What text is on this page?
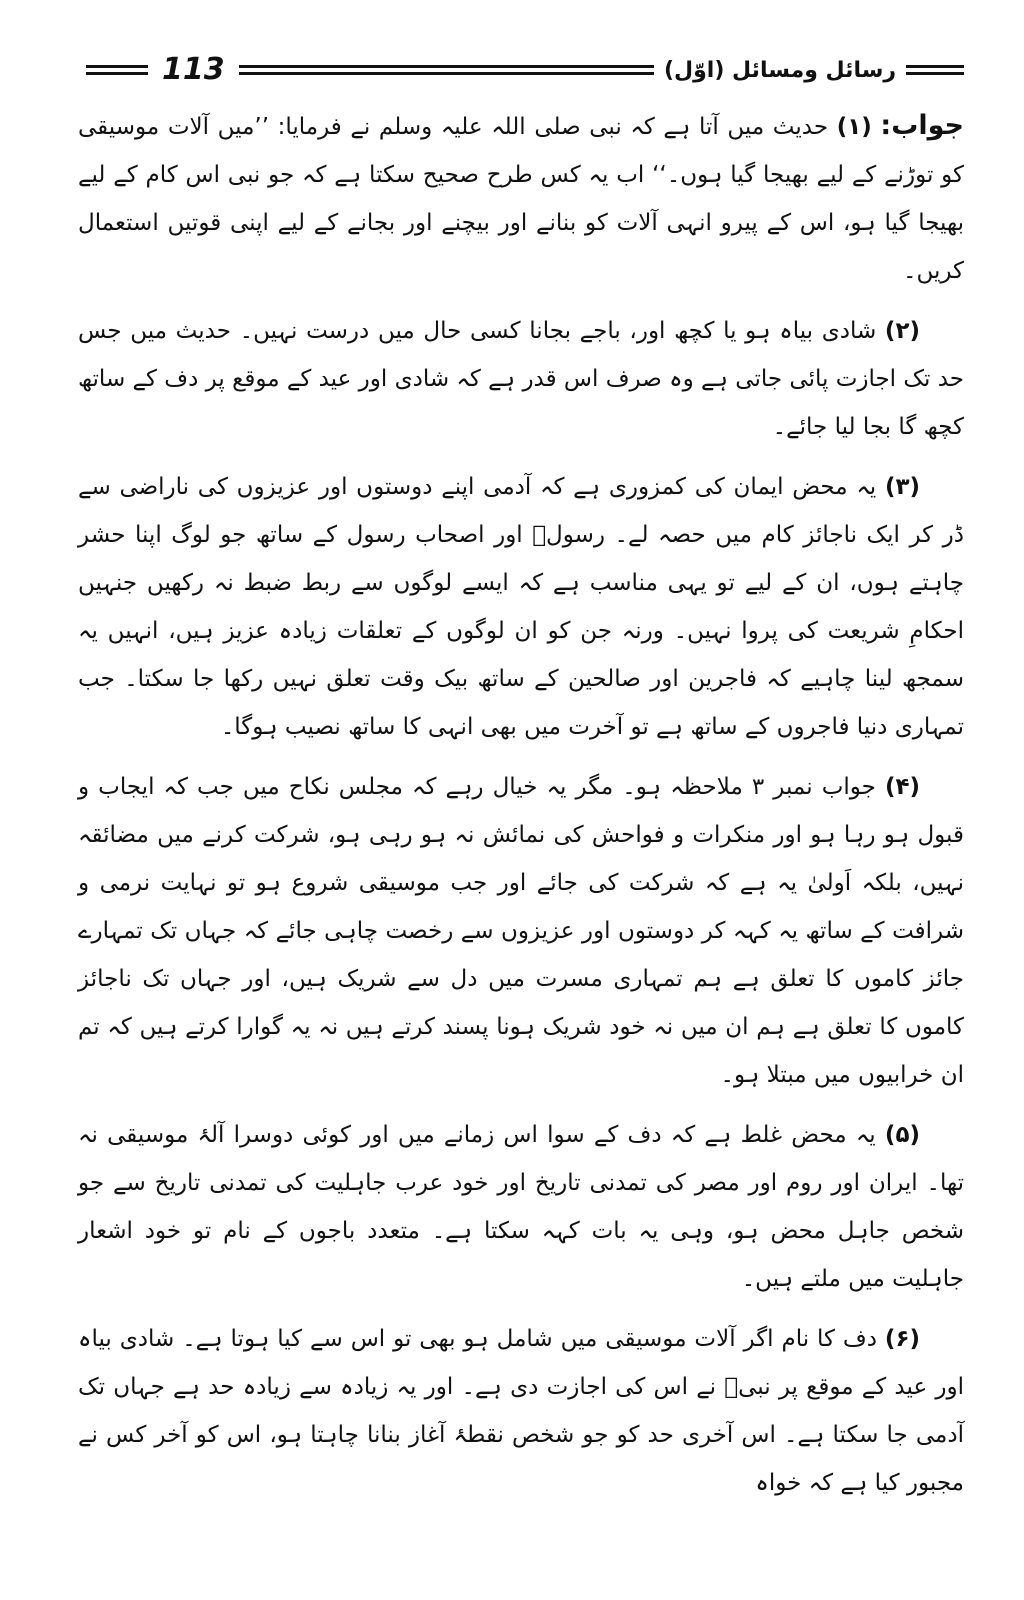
113	رسائل ومسائل (اوّل)

جواب: (۱) حدیث میں آتا ہے کہ نبی صلی اللہ علیہ وسلم نے فرمایا: ’’میں آلات موسیقی کو توڑنے کے لیے بھیجا گیا ہوں۔‘‘ اب یہ کس طرح صحیح سکتا ہے کہ جو نبی اس کام کے لیے بھیجا گیا ہو، اس کے پیرو انہی آلات کو بنانے اور بیچنے اور بجانے کے لیے اپنی قوتیں استعمال کریں۔

(۲) شادی بیاہ ہو یا کچھ اور، باجے بجانا کسی حال میں درست نہیں۔ حدیث میں جس حد تک اجازت پائی جاتی ہے وہ صرف اس قدر ہے کہ شادی اور عید کے موقع پر دف کے ساتھ کچھ گا بجا لیا جائے۔

(۳) یہ محض ایمان کی کمزوری ہے کہ آدمی اپنے دوستوں اور عزیزوں کی ناراضی سے ڈر کر ایک ناجائز کام میں حصہ لے۔ رسولؐ اور اصحاب رسول کے ساتھ جو لوگ اپنا حشر چاہتے ہوں، ان کے لیے تو یہی مناسب ہے کہ ایسے لوگوں سے ربط ضبط نہ رکھیں جنہیں احکامِ شریعت کی پروا نہیں۔ ورنہ جن کو ان لوگوں کے تعلقات زیادہ عزیز ہیں، انہیں یہ سمجھ لینا چاہیے کہ فاجرین اور صالحین کے ساتھ بیک وقت تعلق نہیں رکھا جا سکتا۔ جب تمہاری دنیا فاجروں کے ساتھ ہے تو آخرت میں بھی انہی کا ساتھ نصیب ہوگا۔

(۴) جواب نمبر ۳ ملاحظہ ہو۔ مگر یہ خیال رہے کہ مجلس نکاح میں جب کہ ایجاب و قبول ہو رہا ہو اور منکرات و فواحش کی نمائش نہ ہو رہی ہو، شرکت کرنے میں مضائقہ نہیں، بلکہ اَولیٰ یہ ہے کہ شرکت کی جائے اور جب موسیقی شروع ہو تو نہایت نرمی و شرافت کے ساتھ یہ کہہ کر دوستوں اور عزیزوں سے رخصت چاہی جائے کہ جہاں تک تمہارے جائز کاموں کا تعلق ہے ہم تمہاری مسرت میں دل سے شریک ہیں، اور جہاں تک ناجائز کاموں کا تعلق ہے ہم ان میں نہ خود شریک ہونا پسند کرتے ہیں نہ یہ گوارا کرتے ہیں کہ تم ان خرابیوں میں مبتلا ہو۔

(۵) یہ محض غلط ہے کہ دف کے سوا اس زمانے میں اور کوئی دوسرا آلۂ موسیقی نہ تھا۔ ایران اور روم اور مصر کی تمدنی تاریخ اور خود عرب جاہلیت کی تمدنی تاریخ سے جو شخص جاہل محض ہو، وہی یہ بات کہہ سکتا ہے۔ متعدد باجوں کے نام تو خود اشعار جاہلیت میں ملتے ہیں۔

(۶) دف کا نام اگر آلات موسیقی میں شامل ہو بھی تو اس سے کیا ہوتا ہے۔ شادی بیاہ اور عید کے موقع پر نبیؐ نے اس کی اجازت دی ہے۔ اور یہ زیادہ سے زیادہ حد ہے جہاں تک آدمی جا سکتا ہے۔ اس آخری حد کو جو شخص نقطۂ آغاز بنانا چاہتا ہو، اس کو آخر کس نے مجبور کیا ہے کہ خواہ
